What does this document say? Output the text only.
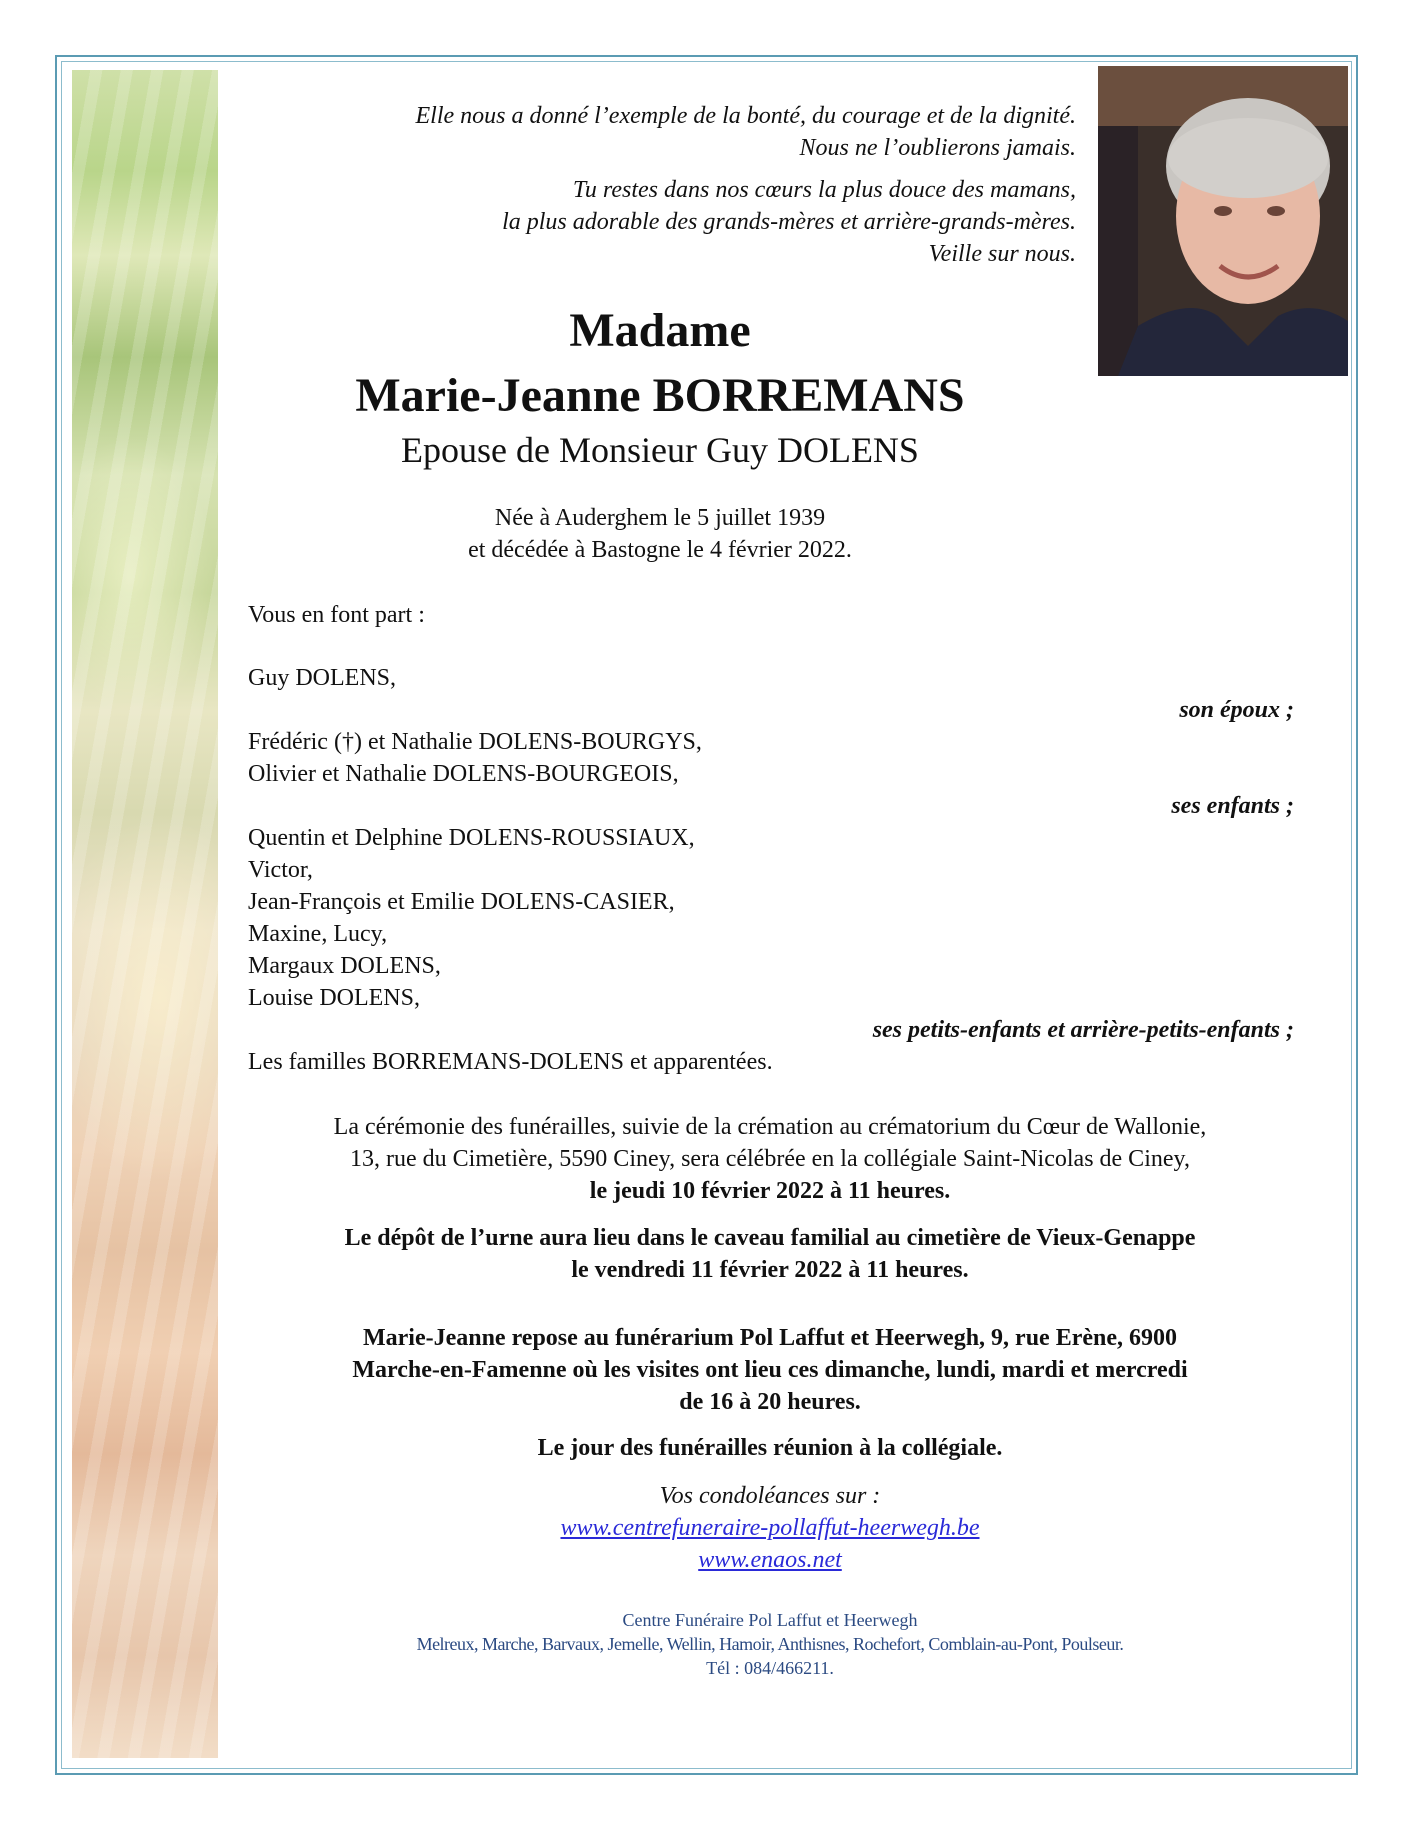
Elle nous a donné l’exemple de la bonté, du courage et de la dignité.
Nous ne l’oublierons jamais.
Tu restes dans nos cœurs la plus douce des mamans,
la plus adorable des grands-mères et arrière-grands-mères.
Veille sur nous.
Madame
Marie-Jeanne BORREMANS
Epouse de Monsieur Guy DOLENS
Née à Auderghem le 5 juillet 1939
et décédée à Bastogne le 4 février 2022.
Vous en font part :
Guy DOLENS,
son époux ;
Frédéric (†) et Nathalie DOLENS-BOURGYS,
Olivier et Nathalie DOLENS-BOURGEOIS,
ses enfants ;
Quentin et Delphine DOLENS-ROUSSIAUX,
Victor,
Jean-François et Emilie DOLENS-CASIER,
Maxine, Lucy,
Margaux DOLENS,
Louise DOLENS,
ses petits-enfants et arrière-petits-enfants ;
Les familles BORREMANS-DOLENS et apparentées.
La cérémonie des funérailles, suivie de la crémation au crématorium du Cœur de Wallonie,
13, rue du Cimetière, 5590 Ciney, sera célébrée en la collégiale Saint-Nicolas de Ciney,
le jeudi 10 février 2022 à 11 heures.
Le dépôt de l’urne aura lieu dans le caveau familial au cimetière de Vieux-Genappe
le vendredi 11 février 2022 à 11 heures.
Marie-Jeanne repose au funérarium Pol Laffut et Heerwegh, 9, rue Erène, 6900
Marche-en-Famenne où les visites ont lieu ces dimanche, lundi, mardi et mercredi
de 16 à 20 heures.
Le jour des funérailles réunion à la collégiale.
Vos condoléances sur :
www.centrefuneraire-pollaffut-heerwegh.be
www.enaos.net
Centre Funéraire Pol Laffut et Heerwegh
Melreux, Marche, Barvaux, Jemelle, Wellin, Hamoir, Anthisnes, Rochefort, Comblain-au-Pont, Poulseur.
Tél : 084/466211.
